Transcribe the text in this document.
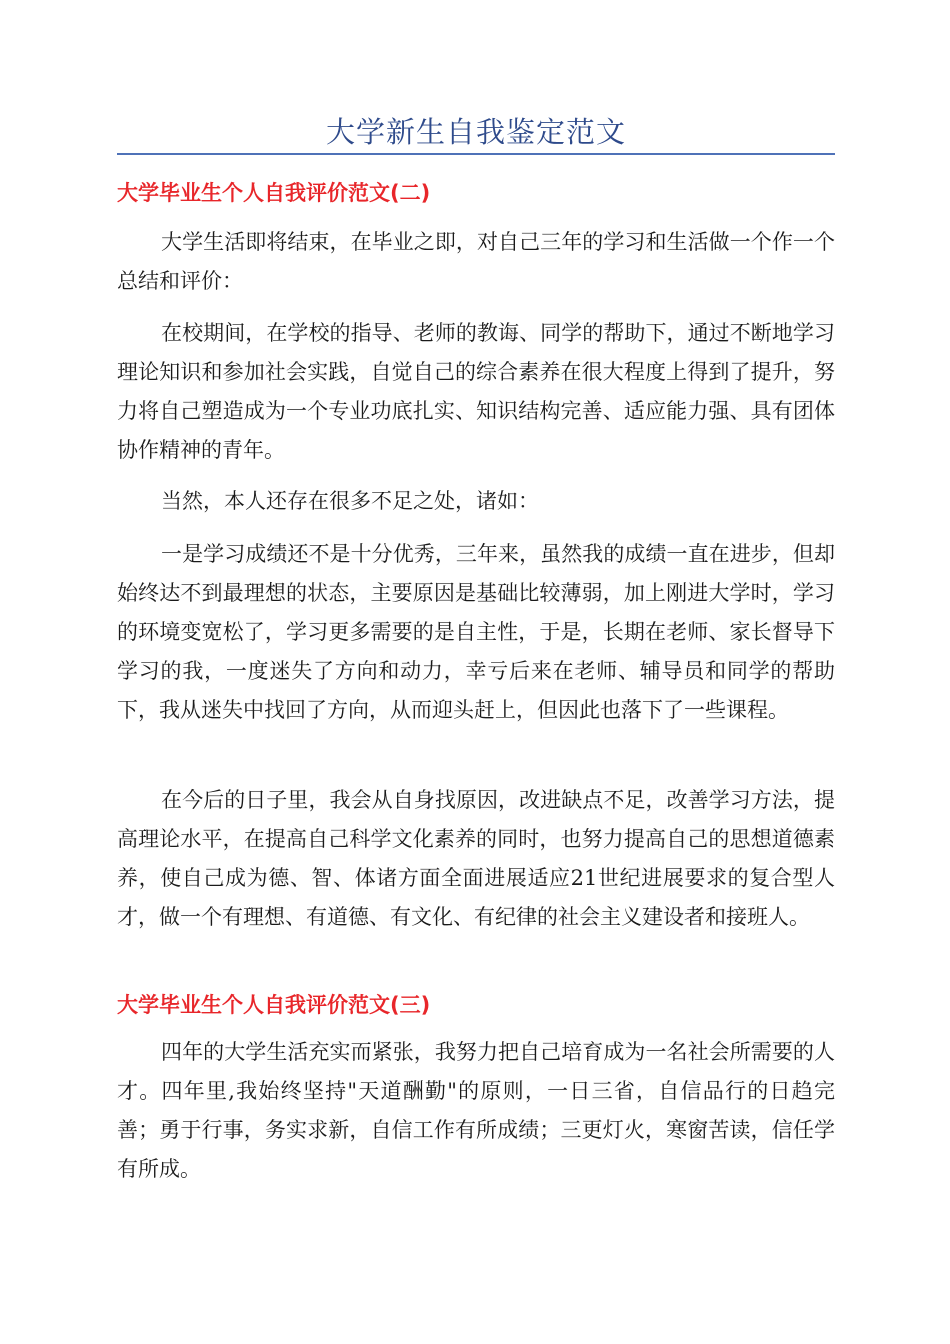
大学新生自我鉴定范文
大学毕业生个人自我评价范文(二)

大学生活即将结束，在毕业之即，对自己三年的学习和生活做一个作一个总结和评价：

在校期间，在学校的指导、老师的教诲、同学的帮助下，通过不断地学习理论知识和参加社会实践，自觉自己的综合素养在很大程度上得到了提升，努力将自己塑造成为一个专业功底扎实、知识结构完善、适应能力强、具有团体协作精神的青年。

当然，本人还存在很多不足之处，诸如：

一是学习成绩还不是十分优秀，三年来，虽然我的成绩一直在进步，但却始终达不到最理想的状态，主要原因是基础比较薄弱，加上刚进大学时，学习的环境变宽松了，学习更多需要的是自主性，于是，长期在老师、家长督导下学习的我，一度迷失了方向和动力，幸亏后来在老师、辅导员和同学的帮助下，我从迷失中找回了方向，从而迎头赶上，但因此也落下了一些课程。

在今后的日子里，我会从自身找原因，改进缺点不足，改善学习方法，提高理论水平，在提高自己科学文化素养的同时，也努力提高自己的思想道德素养，使自己成为德、智、体诸方面全面进展适应21世纪进展要求的复合型人才，做一个有理想、有道德、有文化、有纪律的社会主义建设者和接班人。

大学毕业生个人自我评价范文(三)

四年的大学生活充实而紧张，我努力把自己培育成为一名社会所需要的人才。四年里,我始终坚持"天道酬勤"的原则，一日三省，自信品行的日趋完善；勇于行事，务实求新，自信工作有所成绩；三更灯火，寒窗苦读，信任学有所成。
